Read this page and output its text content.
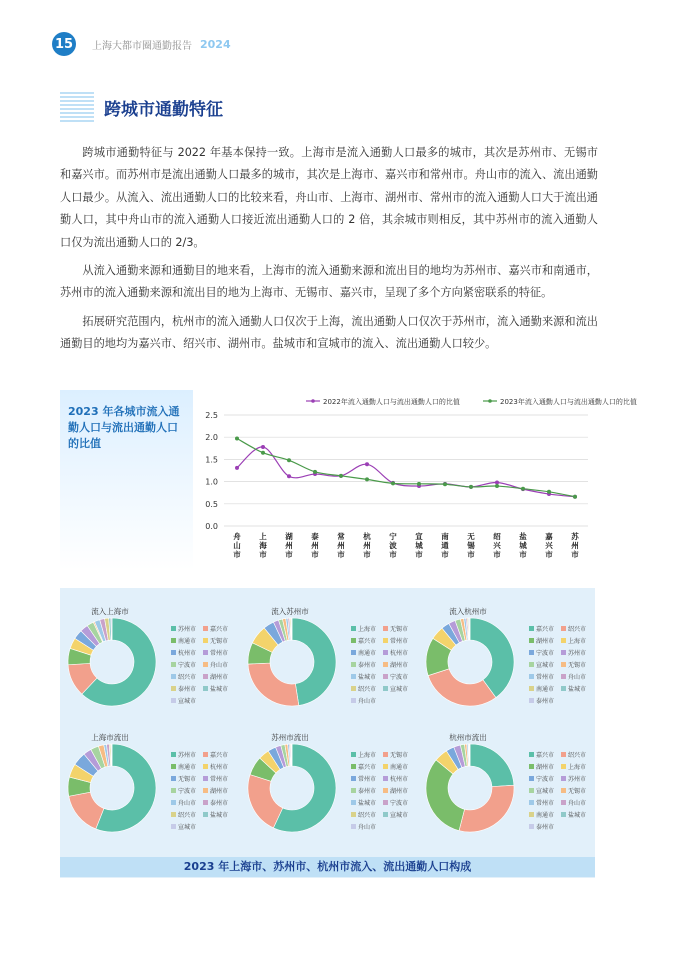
15 上海大都市圈通勤报告 2024
跨城市通勤特征

跨城市通勤特征与 2022 年基本保持一致。上海市是流入通勤人口最多的城市，其次是苏州市、无锡市和嘉兴市。而苏州市是流出通勤人口最多的城市，其次是上海市、嘉兴市和常州市。舟山市的流入、流出通勤人口最少。从流入、流出通勤人口的比较来看，舟山市、上海市、湖州市、常州市的流入通勤人口大于流出通勤人口，其中舟山市的流入通勤人口接近流出通勤人口的 2 倍，其余城市则相反，其中苏州市的流入通勤人口仅为流出通勤人口的 2/3。

从流入通勤来源和通勤目的地来看，上海市的流入通勤来源和流出目的地均为苏州市、嘉兴市和南通市，苏州市的流入通勤来源和流出目的地为上海市、无锡市、嘉兴市，呈现了多个方向紧密联系的特征。

拓展研究范围内，杭州市的流入通勤人口仅次于上海，流出通勤人口仅次于苏州市，流入通勤来源和流出通勤目的地均为嘉兴市、绍兴市、湖州市。盐城市和宣城市的流入、流出通勤人口较少。

2023 年各城市流入通勤人口与流出通勤人口的比值
0.0
0.5
1.0
1.5
2.0
2.5
舟山市
上海市
湖州市
泰州市
常州市
杭州市
宁波市
宣城市
南通市
无锡市
绍兴市
盐城市
嘉兴市
苏州市
2022年流入通勤人口与流出通勤人口的比值	2023年流入通勤人口与流出通勤人口的比值
流入上海市
苏州市 嘉兴市
南通市 无锡市
杭州市 常州市
宁波市 舟山市
绍兴市 湖州市
泰州市 盐城市
宣城市
流入苏州市
上海市 无锡市
嘉兴市 常州市
南通市 杭州市
泰州市 湖州市
盐城市 宁波市
绍兴市 宣城市
舟山市
流入杭州市
嘉兴市 绍兴市
湖州市 上海市
宁波市 苏州市
宣城市 无锡市
常州市 舟山市
南通市 盐城市
泰州市
上海市流出
苏州市 嘉兴市
南通市 杭州市
无锡市 常州市
宁波市 湖州市
舟山市 泰州市
绍兴市 盐城市
宣城市
苏州市流出
上海市 无锡市
嘉兴市 南通市
常州市 杭州市
泰州市 湖州市
盐城市 宁波市
绍兴市 宣城市
舟山市
杭州市流出
嘉兴市 绍兴市
湖州市 上海市
宁波市 苏州市
宣城市 无锡市
常州市 舟山市
南通市 盐城市
泰州市
2023 年上海市、苏州市、杭州市流入、流出通勤人口构成
